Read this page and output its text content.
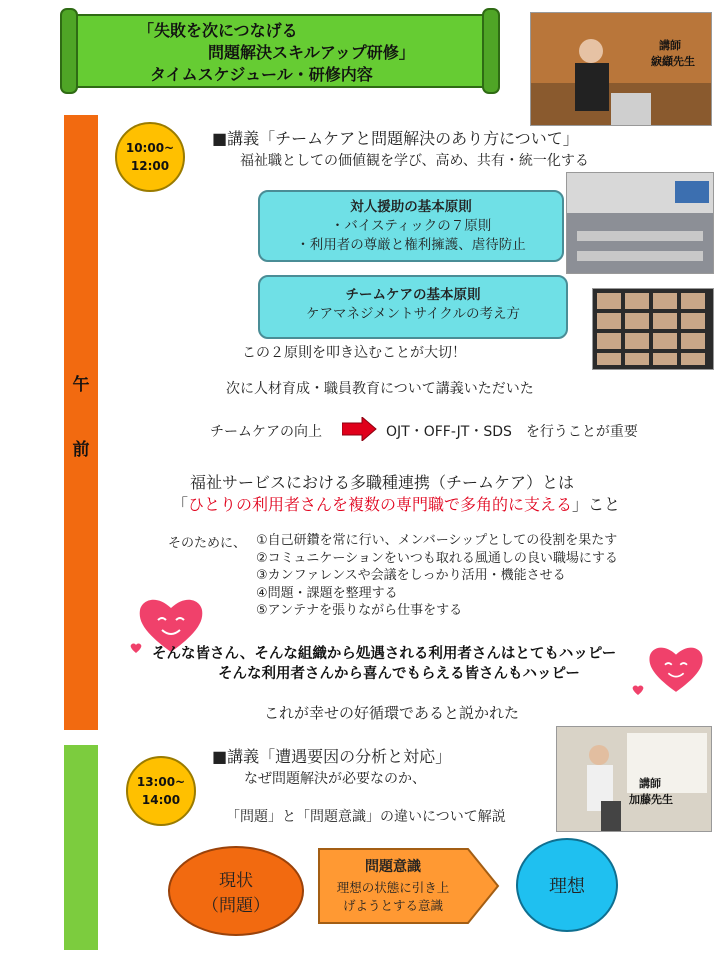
「失敗を次につなげる
問題解決スキルアップ研修」
タイムスケジュール・研修内容
講師
綟纈先生
午
前
10:00~
12:00
■講義「チームケアと問題解決のあり方について」
福祉職としての価値観を学び、高め、共有・統一化する
対人援助の基本原則
・バイスティックの７原則
・利用者の尊厳と権利擁護、虐待防止
チームケアの基本原則
ケアマネジメントサイクルの考え方
この２原則を叩き込むことが大切！
次に人材育成・職員教育について講義いただいた
チームケアの向上	OJT・OFF-JT・SDS　を行うことが重要
福祉サービスにおける多職種連携（チームケア）とは
「ひとりの利用者さんを複数の専門職で多角的に支える」こと
そのために、 ①自己研鑽を常に行い、メンバーシップとしての役割を果たす
②コミュニケーションをいつも取れる風通しの良い職場にする
③カンファレンスや会議をしっかり活用・機能させる
④問題・課題を整理する
⑤アンテナを張りながら仕事をする
そんな皆さん、そんな組織から処遇される利用者さんはとてもハッピー
そんな利用者さんから喜んでもらえる皆さんもハッピー
これが幸せの好循環であると説かれた
13:00~
14:00
■講義「遭遇要因の分析と対応」
なぜ問題解決が必要なのか、
「問題」と「問題意識」の違いについて解説
講師
加藤先生
現状
（問題）
問題意識
理想の状態に引き上
げようとする意識
理想
